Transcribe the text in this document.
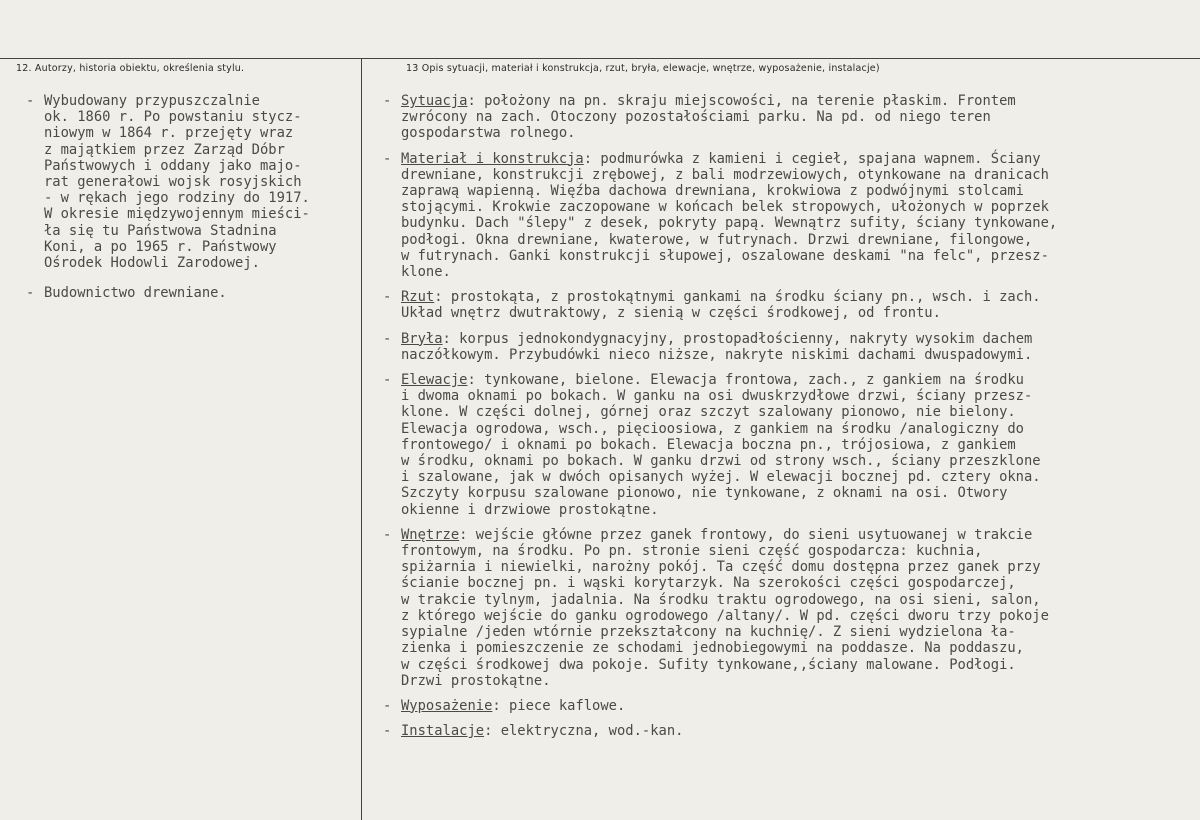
12. Autorzy, historia obiektu, określenia stylu.	13 Opis sytuacji, materiał i konstrukcja, rzut, bryła, elewacje, wnętrze, wyposażenie, instalacje)
- Wybudowany przypuszczalnie
ok. 1860 r. Po powstaniu stycz-
niowym w 1864 r. przejęty wraz
z majątkiem przez Zarząd Dóbr
Państwowych i oddany jako majo-
rat generałowi wojsk rosyjskich
- w rękach jego rodziny do 1917.
W okresie międzywojennym mieści-
ła się tu Państwowa Stadnina
Koni, a po 1965 r. Państwowy
Ośrodek Hodowli Zarodowej.
- Budownictwo drewniane.
- Sytuacja: położony na pn. skraju miejscowości, na terenie płaskim. Frontem
zwrócony na zach. Otoczony pozostałościami parku. Na pd. od niego teren
gospodarstwa rolnego.
- Materiał i konstrukcja: podmurówka z kamieni i cegieł, spajana wapnem. Ściany
drewniane, konstrukcji zrębowej, z bali modrzewiowych, otynkowane na dranicach
zaprawą wapienną. Więźba dachowa drewniana, krokwiowa z podwójnymi stolcami
stojącymi. Krokwie zaczopowane w końcach belek stropowych, ułożonych w poprzek
budynku. Dach "ślepy" z desek, pokryty papą. Wewnątrz sufity, ściany tynkowane,
podłogi. Okna drewniane, kwaterowe, w futrynach. Drzwi drewniane, filongowe,
w futrynach. Ganki konstrukcji słupowej, oszalowane deskami "na felc", przesz-
klone.
- Rzut: prostokąta, z prostokątnymi gankami na środku ściany pn., wsch. i zach.
Układ wnętrz dwutraktowy, z sienią w części środkowej, od frontu.
- Bryła: korpus jednokondygnacyjny, prostopadłościenny, nakryty wysokim dachem
naczółkowym. Przybudówki nieco niższe, nakryte niskimi dachami dwuspadowymi.
- Elewacje: tynkowane, bielone. Elewacja frontowa, zach., z gankiem na środku
i dwoma oknami po bokach. W ganku na osi dwuskrzydłowe drzwi, ściany przesz-
klone. W części dolnej, górnej oraz szczyt szalowany pionowo, nie bielony.
Elewacja ogrodowa, wsch., pięcioosiowa, z gankiem na środku /analogiczny do
frontowego/ i oknami po bokach. Elewacja boczna pn., trójosiowa, z gankiem
w środku, oknami po bokach. W ganku drzwi od strony wsch., ściany przeszklone
i szalowane, jak w dwóch opisanych wyżej. W elewacji bocznej pd. cztery okna.
Szczyty korpusu szalowane pionowo, nie tynkowane, z oknami na osi. Otwory
okienne i drzwiowe prostokątne.
- Wnętrze: wejście główne przez ganek frontowy, do sieni usytuowanej w trakcie
frontowym, na środku. Po pn. stronie sieni część gospodarcza: kuchnia,
spiżarnia i niewielki, narożny pokój. Ta część domu dostępna przez ganek przy
ścianie bocznej pn. i wąski korytarzyk. Na szerokości części gospodarczej,
w trakcie tylnym, jadalnia. Na środku traktu ogrodowego, na osi sieni, salon,
z którego wejście do ganku ogrodowego /altany/. W pd. części dworu trzy pokoje
sypialne /jeden wtórnie przekształcony na kuchnię/. Z sieni wydzielona ła-
zienka i pomieszczenie ze schodami jednobiegowymi na poddasze. Na poddaszu,
w części środkowej dwa pokoje. Sufity tynkowane,,ściany malowane. Podłogi.
Drzwi prostokątne.
- Wyposażenie: piece kaflowe.
- Instalacje: elektryczna, wod.-kan.
